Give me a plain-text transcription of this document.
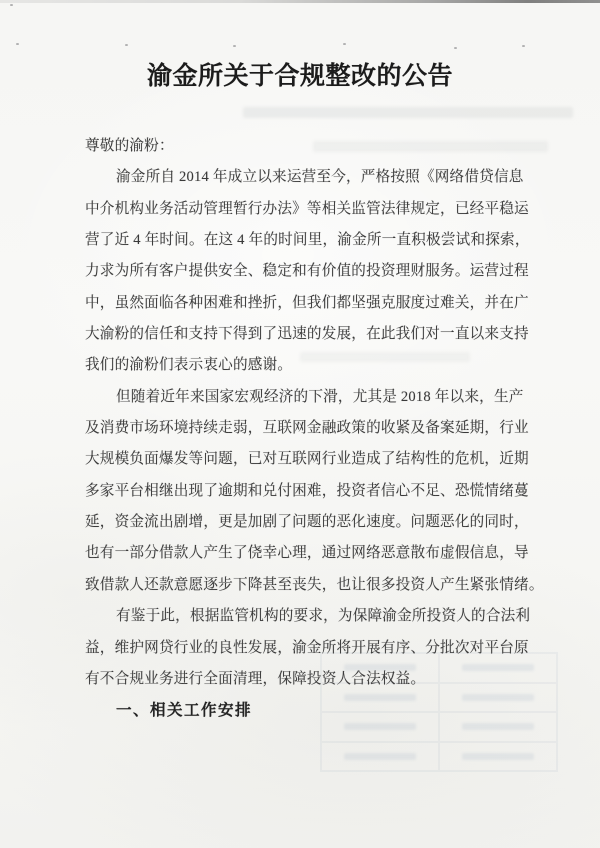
渝金所关于合规整改的公告
尊敬的渝粉：
渝金所自 2014 年成立以来运营至今，严格按照《网络借贷信息
中介机构业务活动管理暂行办法》等相关监管法律规定，已经平稳运
营了近 4 年时间。在这 4 年的时间里，渝金所一直积极尝试和探索，
力求为所有客户提供安全、稳定和有价值的投资理财服务。运营过程
中，虽然面临各种困难和挫折，但我们都坚强克服度过难关，并在广
大渝粉的信任和支持下得到了迅速的发展，在此我们对一直以来支持
我们的渝粉们表示衷心的感谢。
但随着近年来国家宏观经济的下滑，尤其是 2018 年以来，生产
及消费市场环境持续走弱，互联网金融政策的收紧及备案延期，行业
大规模负面爆发等问题，已对互联网行业造成了结构性的危机，近期
多家平台相继出现了逾期和兑付困难，投资者信心不足、恐慌情绪蔓
延，资金流出剧增，更是加剧了问题的恶化速度。问题恶化的同时，
也有一部分借款人产生了侥幸心理，通过网络恶意散布虚假信息，导
致借款人还款意愿逐步下降甚至丧失，也让很多投资人产生紧张情绪。
有鉴于此，根据监管机构的要求，为保障渝金所投资人的合法利
益，维护网贷行业的良性发展，渝金所将开展有序、分批次对平台原
有不合规业务进行全面清理，保障投资人合法权益。
一、相关工作安排
